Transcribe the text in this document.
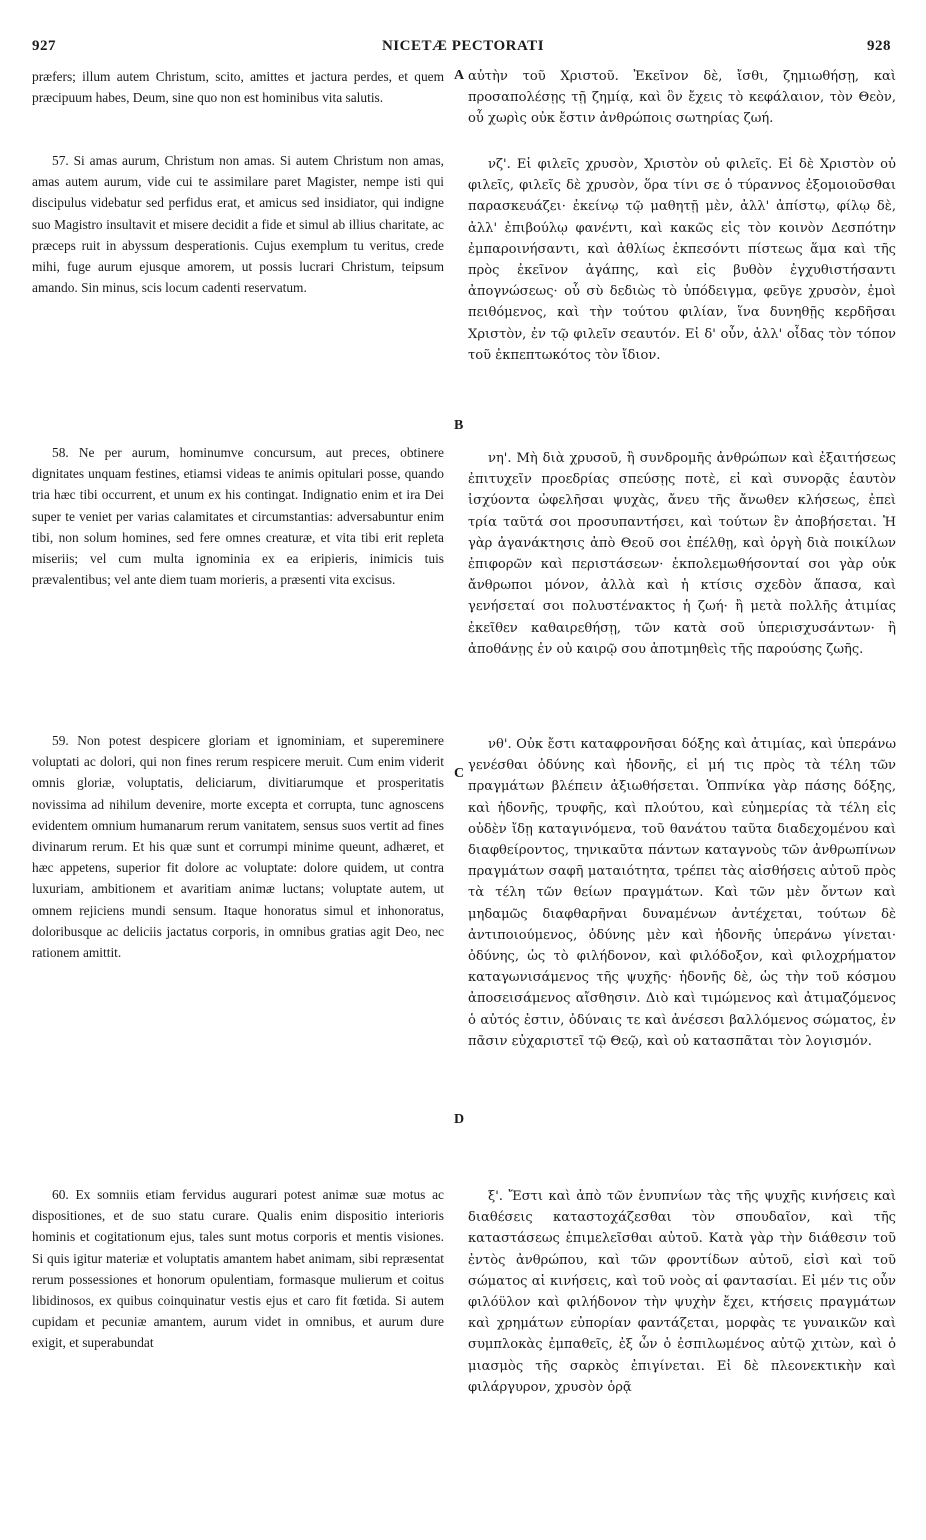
927	NICETÆ PECTORATI	928

præfers; illum autem Christum, scito, amittes et jactura perdes, et quem præcipuum habes, Deum, sine quo non est hominibus vita salutis.

57. Si amas aurum, Christum non amas. Si autem Christum non amas, amas autem aurum, vide cui te assimilare paret Magister, nempe isti qui discipulus videbatur sed perfidus erat, et amicus sed insidiator, qui indigne suo Magistro insultavit et misere decidit a fide et simul ab illius charitate, ac præceps ruit in abyssum desperationis. Cujus exemplum tu veritus, crede mihi, fuge aurum ejusque amorem, ut possis lucrari Christum, teipsum amando. Sin minus, scis locum cadenti reservatum.

58. Ne per aurum, hominumve concursum, aut preces, obtinere dignitates unquam festines, etiamsi videas te animis opitulari posse, quando tria hæc tibi occurrent, et unum ex his contingat. Indignatio enim et ira Dei super te veniet per varias calamitates et circumstantias: adversabuntur enim tibi, non solum homines, sed fere omnes creaturæ, et vita tibi erit repleta miseriis; vel cum multa ignominia ex ea eripieris, inimicis tuis prævalentibus; vel ante diem tuam morieris, a præsenti vita excisus.

59. Non potest despicere gloriam et ignominiam, et supereminere voluptati ac dolori, qui non fines rerum respicere meruit. Cum enim viderit omnis gloriæ, voluptatis, deliciarum, divitiarumque et prosperitatis novissima ad nihilum devenire, morte excepta et corrupta, tunc agnoscens evidentem omnium humanarum rerum vanitatem, sensus suos vertit ad fines divinarum rerum. Et his quæ sunt et corrumpi minime queunt, adhæret, et hæc appetens, superior fit dolore ac voluptate: dolore quidem, ut contra luxuriam, ambitionem et avaritiam animæ luctans; voluptate autem, ut omnem rejiciens mundi sensum. Itaque honoratus simul et inhonoratus, doloribusque ac deliciis jactatus corporis, in omnibus gratias agit Deo, nec rationem amittit.

60. Ex somniis etiam fervidus augurari potest animæ suæ motus ac dispositiones, et de suo statu curare. Qualis enim dispositio interioris hominis et cogitationum ejus, tales sunt motus corporis et mentis visiones. Si quis igitur materiæ et voluptatis amantem habet animam, sibi repræsentat rerum possessiones et honorum opulentiam, formasque mulierum et coitus libidinosos, ex quibus coinquinatur vestis ejus et caro fit fœtida. Si autem cupidam et pecuniæ amantem, aurum videt in omnibus, et aurum dure exigit, et superabundat

A
B
C
D

αὐτὴν τοῦ Χριστοῦ. Ἐκεῖνον δὲ, ἴσθι, ζημιωθήσῃ, καὶ προσαπολέσῃς τῇ ζημίᾳ, καὶ ὃν ἔχεις τὸ κεφάλαιον, τὸν Θεὸν, οὗ χωρὶς οὐκ ἔστιν ἀνθρώποις σωτηρίας ζωή.

νζ'. Εἰ φιλεῖς χρυσὸν, Χριστὸν οὐ φιλεῖς. Εἰ δὲ Χριστὸν οὐ φιλεῖς, φιλεῖς δὲ χρυσὸν, ὅρα τίνι σε ὁ τύραννος ἐξομοιοῦσθαι παρασκευάζει· ἐκείνῳ τῷ μαθητῇ μὲν, ἀλλ' ἀπίστῳ, φίλῳ δὲ, ἀλλ' ἐπιβούλῳ φανέντι, καὶ κακῶς εἰς τὸν κοινὸν Δεσπότην ἐμπαροινήσαντι, καὶ ἀθλίως ἐκπεσόντι πίστεως ἅμα καὶ τῆς πρὸς ἐκεῖνον ἀγάπης, καὶ εἰς βυθὸν ἐγχυθιστήσαντι ἀπογνώσεως· οὗ σὺ δεδιὼς τὸ ὑπόδειγμα, φεῦγε χρυσὸν, ἐμοὶ πειθόμενος, καὶ τὴν τούτου φιλίαν, ἵνα δυνηθῇς κερδῆσαι Χριστὸν, ἐν τῷ φιλεῖν σεαυτόν. Εἰ δ' οὖν, ἀλλ' οἶδας τὸν τόπον τοῦ ἐκπεπτωκότος τὸν ἴδιον.

νη'. Μὴ διὰ χρυσοῦ, ἢ συνδρομῆς ἀνθρώπων καὶ ἐξαιτήσεως ἐπιτυχεῖν προεδρίας σπεύσῃς ποτὲ, εἰ καὶ συνορᾷς ἑαυτὸν ἰσχύοντα ὠφελῆσαι ψυχὰς, ἄνευ τῆς ἄνωθεν κλήσεως, ἐπεὶ τρία ταῦτά σοι προσυπαντήσει, καὶ τούτων ἓν ἀποβήσεται. Ἡ γὰρ ἀγανάκτησις ἀπὸ Θεοῦ σοι ἐπέλθῃ, καὶ ὀργὴ διὰ ποικίλων ἐπιφορῶν καὶ περιστάσεων· ἐκπολεμωθήσονταί σοι γὰρ οὐκ ἄνθρωποι μόνον, ἀλλὰ καὶ ἡ κτίσις σχεδὸν ἅπασα, καὶ γενήσεταί σοι πολυστένακτος ἡ ζωή· ἢ μετὰ πολλῆς ἀτιμίας ἐκεῖθεν καθαιρεθήσῃ, τῶν κατὰ σοῦ ὑπερισχυσάντων· ἢ ἀποθάνῃς ἐν οὐ καιρῷ σου ἀποτμηθεὶς τῆς παρούσης ζωῆς.

νθ'. Οὐκ ἔστι καταφρονῆσαι δόξης καὶ ἀτιμίας, καὶ ὑπεράνω γενέσθαι ὀδύνης καὶ ἡδονῆς, εἰ μή τις πρὸς τὰ τέλη τῶν πραγμάτων βλέπειν ἀξιωθήσεται. Ὁππνίκα γὰρ πάσης δόξης, καὶ ἡδονῆς, τρυφῆς, καὶ πλούτου, καὶ εὐημερίας τὰ τέλη εἰς οὐδὲν ἴδῃ καταγινόμενα, τοῦ θανάτου ταῦτα διαδεχομένου καὶ διαφθείροντος, τηνικαῦτα πάντων καταγνοὺς τῶν ἀνθρωπίνων πραγμάτων σαφῆ ματαιότητα, τρέπει τὰς αἰσθήσεις αὐτοῦ πρὸς τὰ τέλη τῶν θείων πραγμάτων. Καὶ τῶν μὲν ὄντων καὶ μηδαμῶς διαφθαρῆναι δυναμένων ἀντέχεται, τούτων δὲ ἀντιποιούμενος, ὀδύνης μὲν καὶ ἡδονῆς ὑπεράνω γίνεται· ὀδύνης, ὡς τὸ φιλήδονον, καὶ φιλόδοξον, καὶ φιλοχρήματον καταγωνισάμενος τῆς ψυχῆς· ἡδονῆς δὲ, ὡς τὴν τοῦ κόσμου ἀποσεισάμενος αἴσθησιν. Διὸ καὶ τιμώμενος καὶ ἀτιμαζόμενος ὁ αὐτός ἐστιν, ὀδύναις τε καὶ ἀνέσεσι βαλλόμενος σώματος, ἐν πᾶσιν εὐχαριστεῖ τῷ Θεῷ, καὶ οὐ κατασπᾶται τὸν λογισμόν.

ξ'. Ἔστι καὶ ἀπὸ τῶν ἐνυπνίων τὰς τῆς ψυχῆς κινήσεις καὶ διαθέσεις καταστοχάζεσθαι τὸν σπουδαῖον, καὶ τῆς καταστάσεως ἐπιμελεῖσθαι αὐτοῦ. Κατὰ γὰρ τὴν διάθεσιν τοῦ ἐντὸς ἀνθρώπου, καὶ τῶν φροντίδων αὐτοῦ, εἰσὶ καὶ τοῦ σώματος αἱ κινήσεις, καὶ τοῦ νοὸς αἱ φαντασίαι. Εἰ μέν τις οὖν φιλόϋλον καὶ φιλήδονον τὴν ψυχὴν ἔχει, κτήσεις πραγμάτων καὶ χρημάτων εὐπορίαν φαντάζεται, μορφὰς τε γυναικῶν καὶ συμπλοκὰς ἐμπαθεῖς, ἐξ ὧν ὁ ἐσπιλωμένος αὐτῷ χιτὼν, καὶ ὁ μιασμὸς τῆς σαρκὸς ἐπιγίνεται. Εἰ δὲ πλεονεκτικὴν καὶ φιλάργυρον, χρυσὸν ὁρᾷ
